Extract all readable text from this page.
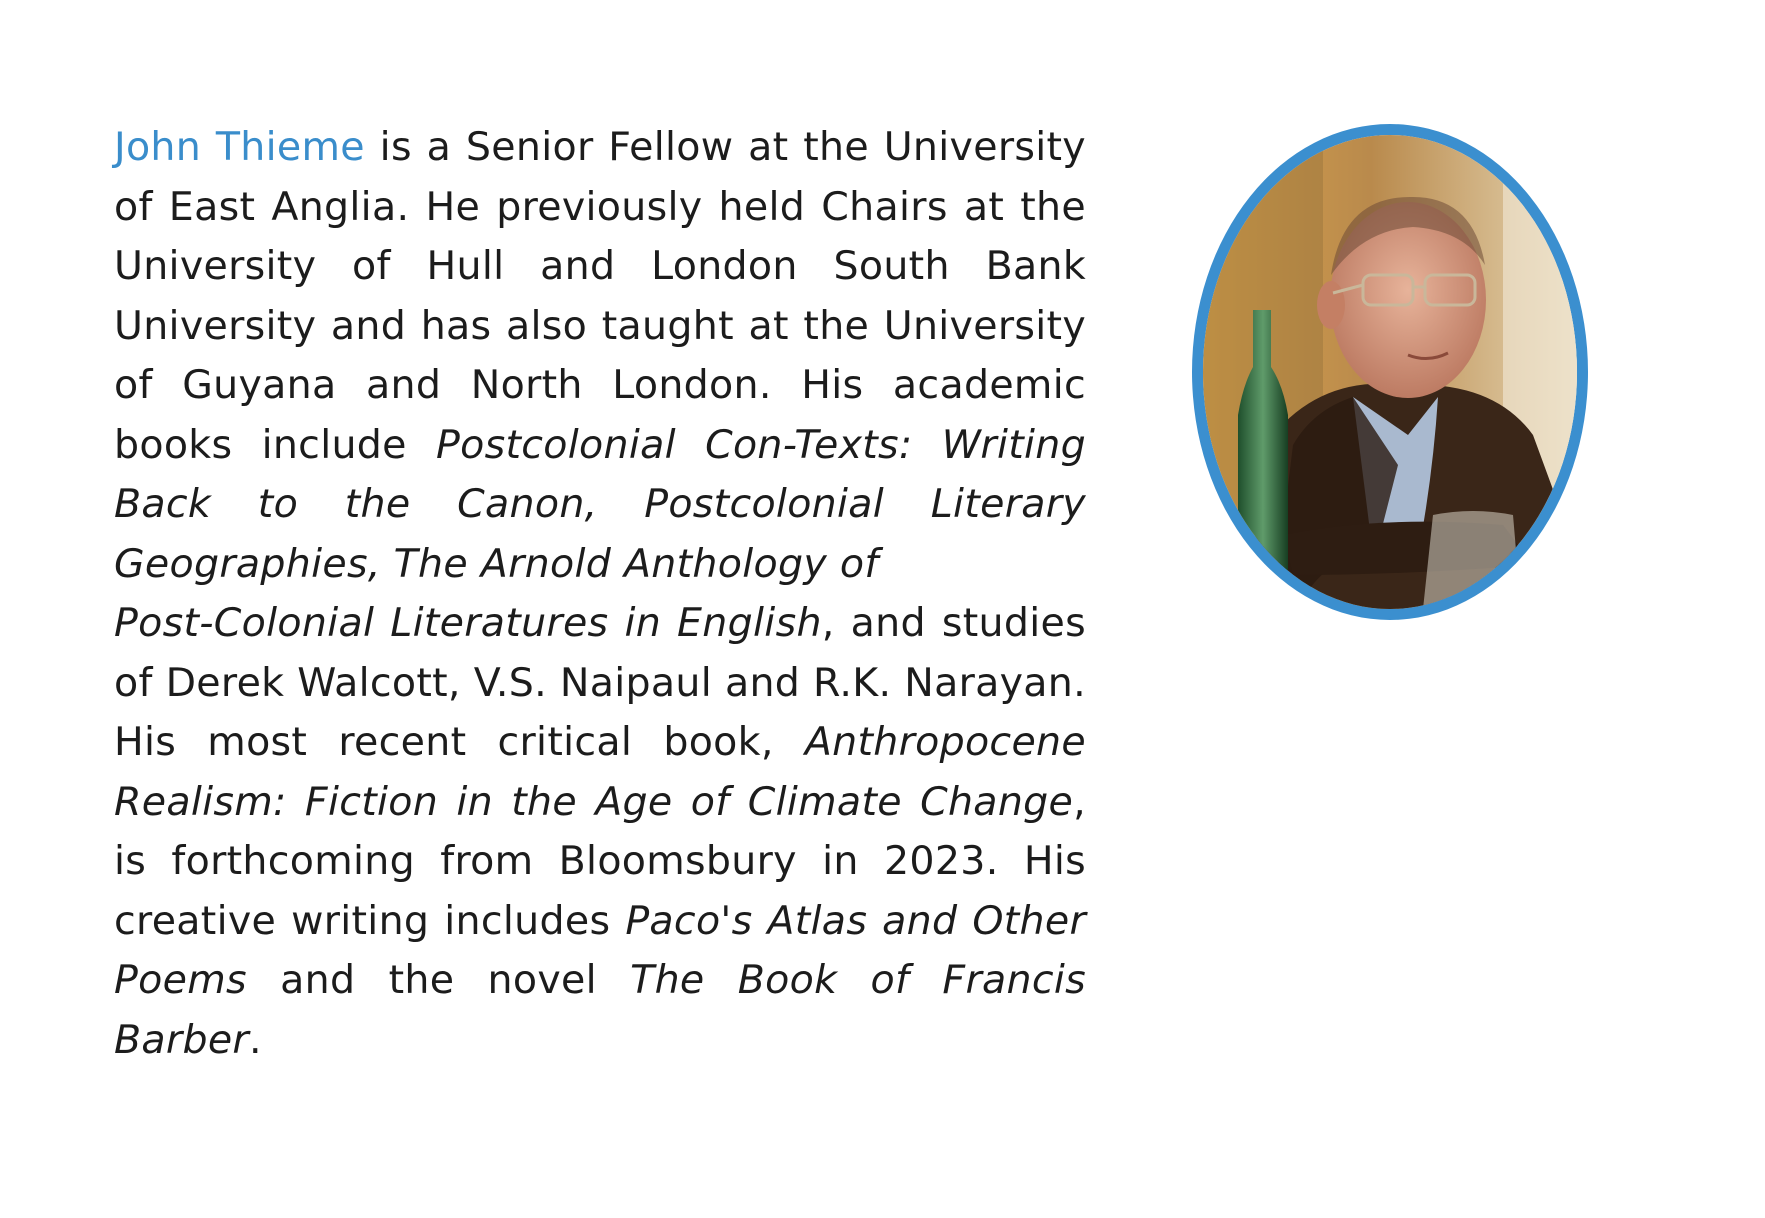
John Thieme is a Senior Fellow at the University of East Anglia. He previously held Chairs at the University of Hull and London South Bank University and has also taught at the University of Guyana and North London. His academic books include Postcolonial Con-Texts: Writing Back to the Canon, Postcolonial Literary Geographies, The Arnold Anthology of
Post-Colonial Literatures in English, and studies of Derek Walcott, V.S. Naipaul and R.K. Narayan. His most recent critical book, Anthropocene Realism: Fiction in the Age of Climate Change, is forthcoming from Bloomsbury in 2023. His creative writing includes Paco's Atlas and Other Poems and the novel The Book of Francis Barber.
